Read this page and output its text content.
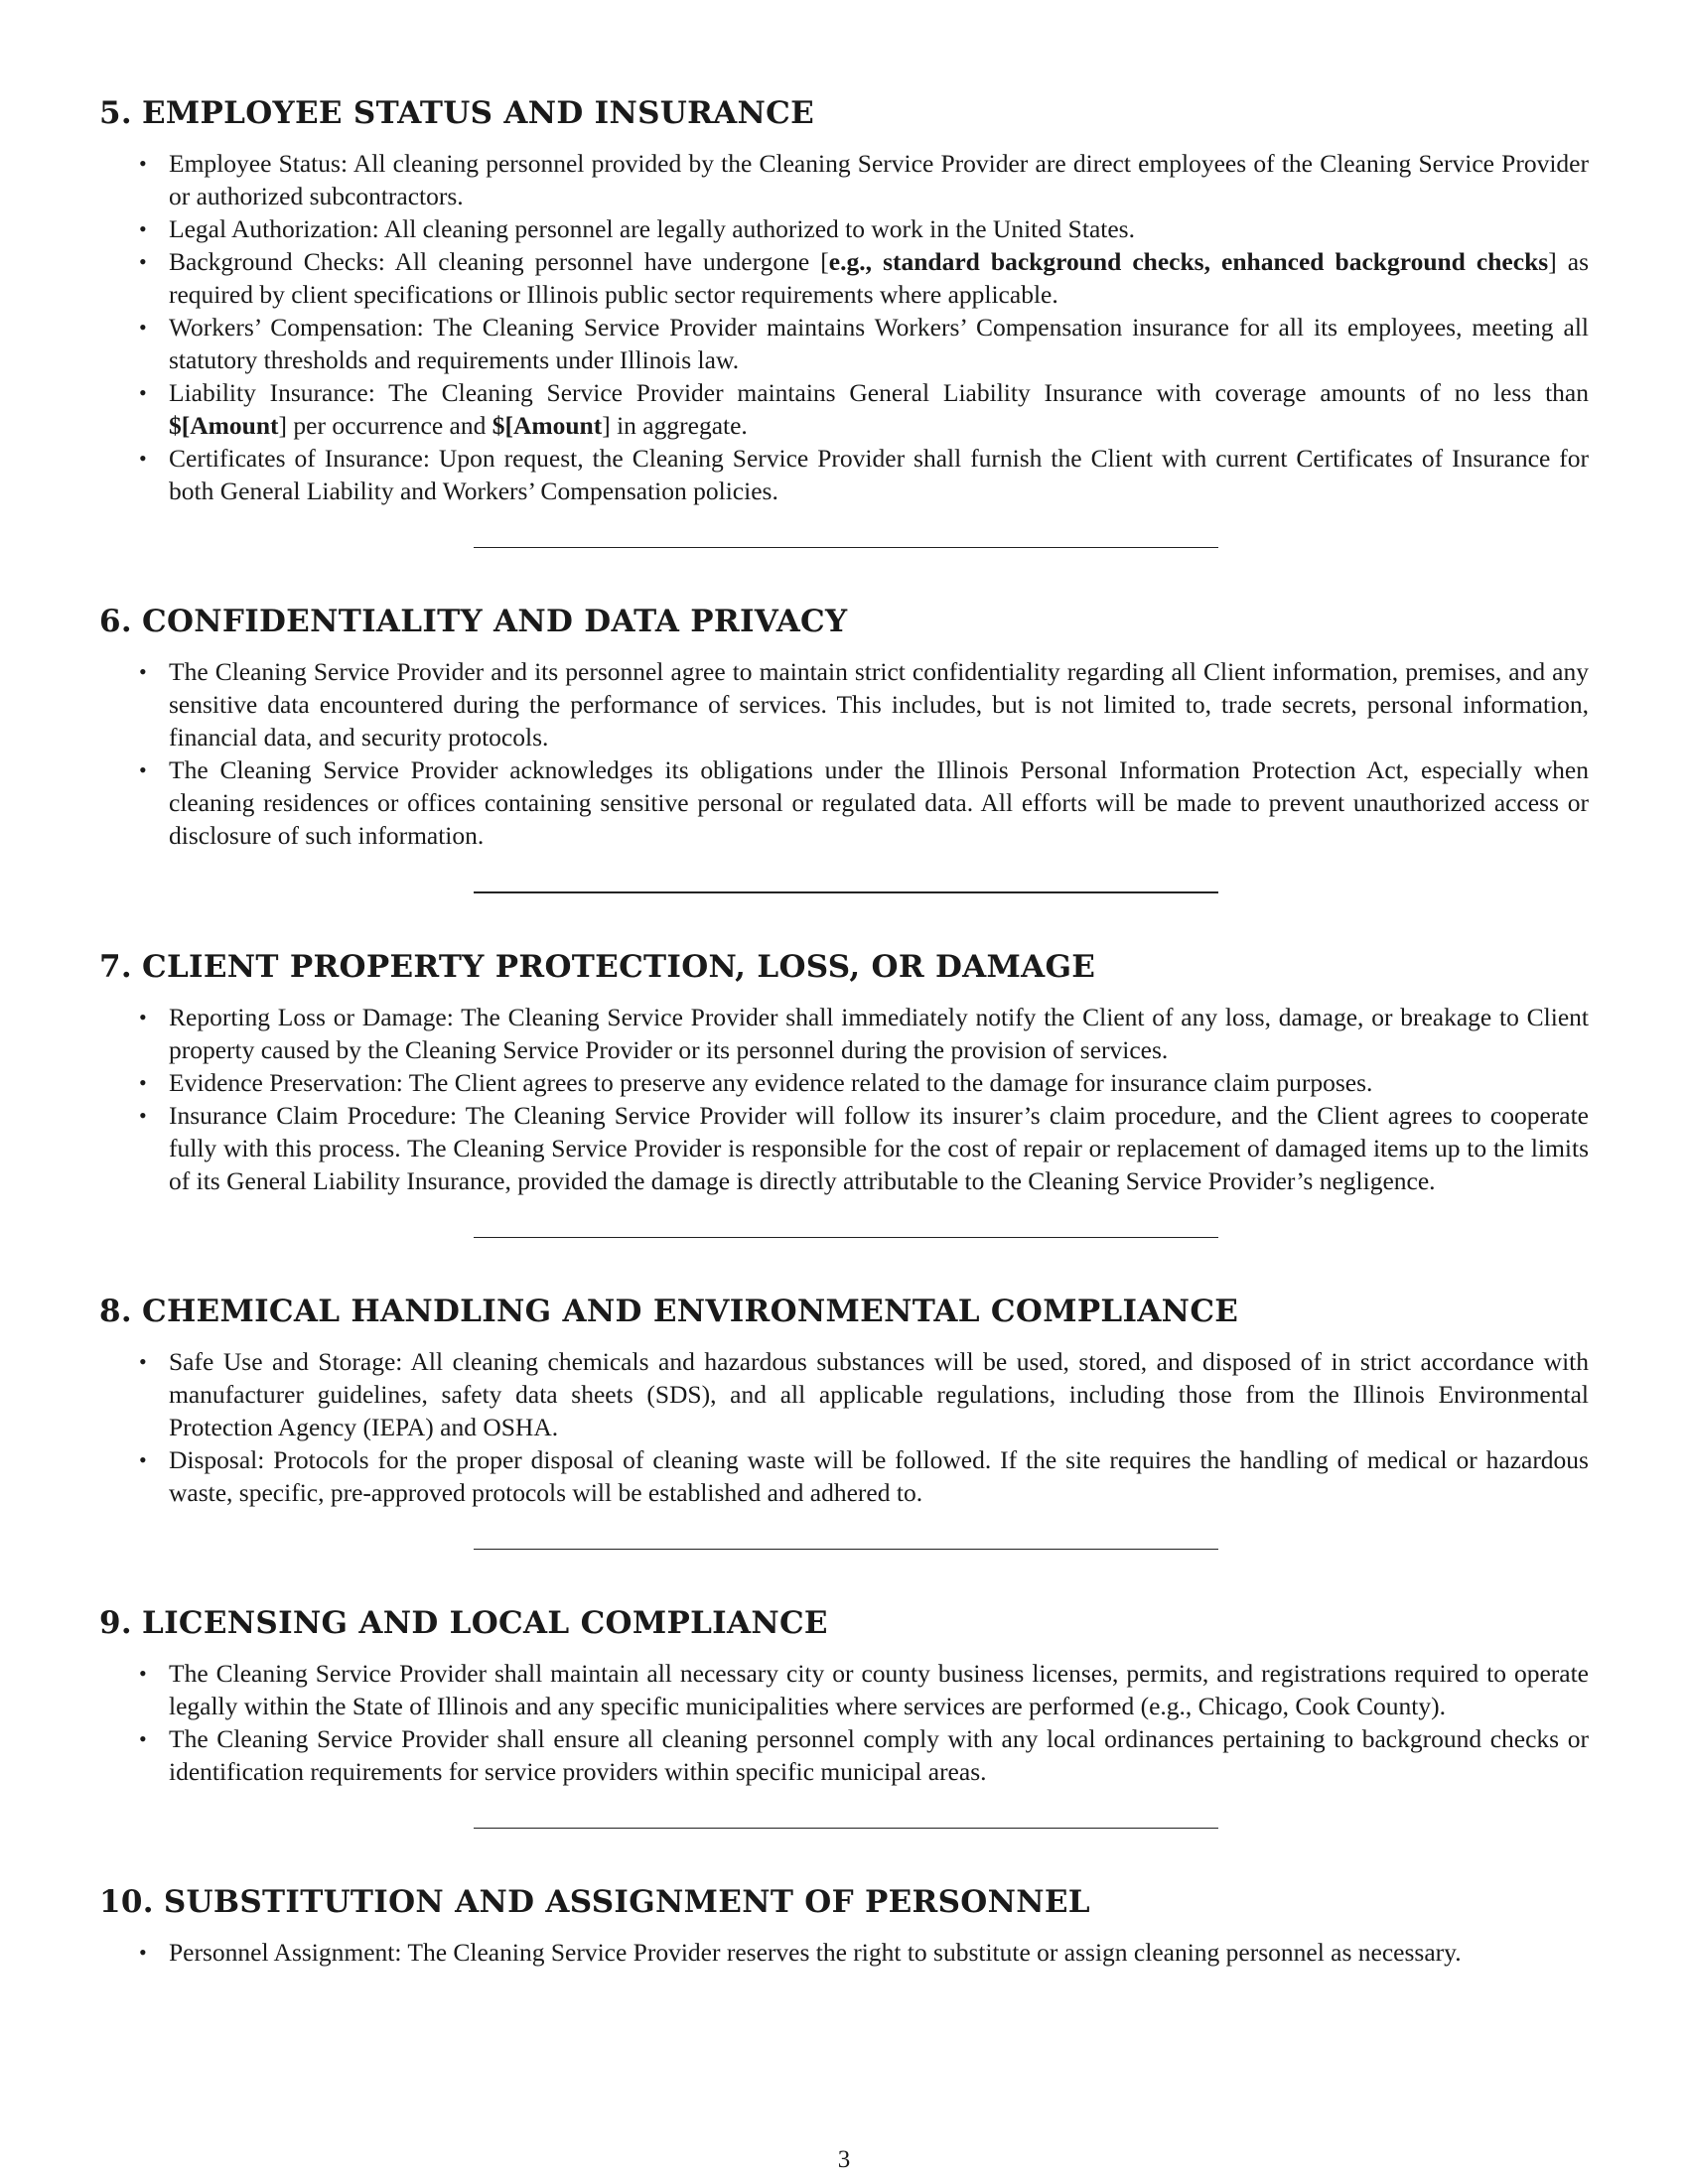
5. EMPLOYEE STATUS AND INSURANCE
• Employee Status: All cleaning personnel provided by the Cleaning Service Provider are direct employees of the Cleaning Service Provider or authorized subcontractors.
• Legal Authorization: All cleaning personnel are legally authorized to work in the United States.
• Background Checks: All cleaning personnel have undergone [e.g., standard background checks, enhanced background checks] as required by client specifications or Illinois public sector requirements where applicable.
• Workers’ Compensation: The Cleaning Service Provider maintains Workers’ Compensation insurance for all its employees, meeting all statutory thresholds and requirements under Illinois law.
• Liability Insurance: The Cleaning Service Provider maintains General Liability Insurance with coverage amounts of no less than $[Amount] per occurrence and $[Amount] in aggregate.
• Certificates of Insurance: Upon request, the Cleaning Service Provider shall furnish the Client with current Certificates of Insurance for both General Liability and Workers’ Compensation policies.
6. CONFIDENTIALITY AND DATA PRIVACY
• The Cleaning Service Provider and its personnel agree to maintain strict confidentiality regarding all Client information, premises, and any sensitive data encountered during the performance of services. This includes, but is not limited to, trade secrets, personal information, financial data, and security protocols.
• The Cleaning Service Provider acknowledges its obligations under the Illinois Personal Information Protection Act, especially when cleaning residences or offices containing sensitive personal or regulated data. All efforts will be made to prevent unauthorized access or disclosure of such information.
7. CLIENT PROPERTY PROTECTION, LOSS, OR DAMAGE
• Reporting Loss or Damage: The Cleaning Service Provider shall immediately notify the Client of any loss, damage, or breakage to Client property caused by the Cleaning Service Provider or its personnel during the provision of services.
• Evidence Preservation: The Client agrees to preserve any evidence related to the damage for insurance claim purposes.
• Insurance Claim Procedure: The Cleaning Service Provider will follow its insurer’s claim procedure, and the Client agrees to cooperate fully with this process. The Cleaning Service Provider is responsible for the cost of repair or replacement of damaged items up to the limits of its General Liability Insurance, provided the damage is directly attributable to the Cleaning Service Provider’s negligence.
8. CHEMICAL HANDLING AND ENVIRONMENTAL COMPLIANCE
• Safe Use and Storage: All cleaning chemicals and hazardous substances will be used, stored, and disposed of in strict accordance with manufacturer guidelines, safety data sheets (SDS), and all applicable regulations, including those from the Illinois Environmental Protection Agency (IEPA) and OSHA.
• Disposal: Protocols for the proper disposal of cleaning waste will be followed. If the site requires the handling of medical or hazardous waste, specific, pre-approved protocols will be established and adhered to.
9. LICENSING AND LOCAL COMPLIANCE
• The Cleaning Service Provider shall maintain all necessary city or county business licenses, permits, and registrations required to operate legally within the State of Illinois and any specific municipalities where services are performed (e.g., Chicago, Cook County).
• The Cleaning Service Provider shall ensure all cleaning personnel comply with any local ordinances pertaining to background checks or identification requirements for service providers within specific municipal areas.
10. SUBSTITUTION AND ASSIGNMENT OF PERSONNEL
• Personnel Assignment: The Cleaning Service Provider reserves the right to substitute or assign cleaning personnel as necessary.
3
